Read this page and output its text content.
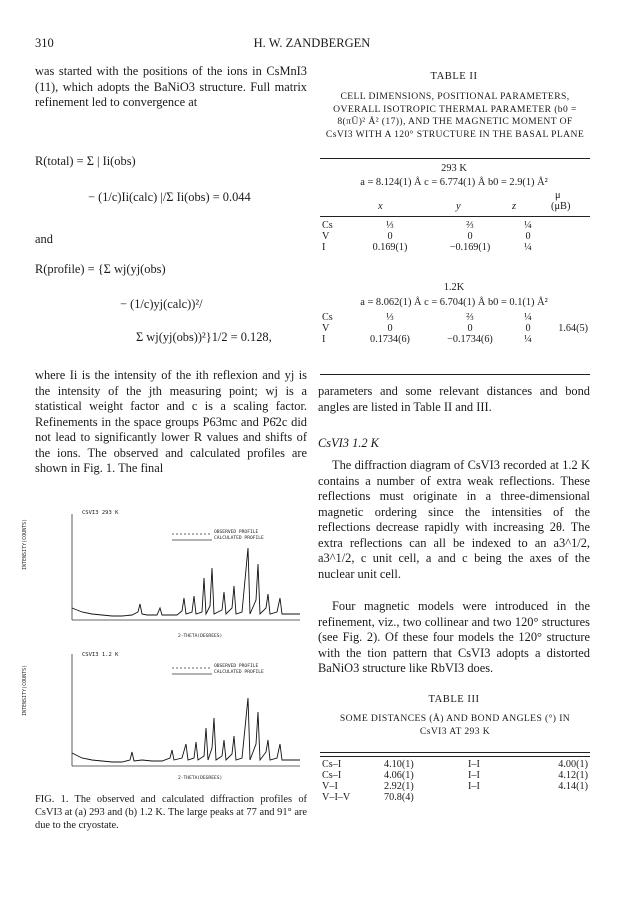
310	H. W. ZANDBERGEN

was started with the positions of the ions in CsMnI3 (11), which adopts the BaNiO3 structure. Full matrix refinement led to convergence at

R(total) = Σ | Ii(obs)
− (1/c)Ii(calc) |/Σ Ii(obs) = 0.044
and
R(profile) = {Σ wj(yj(obs)
− (1/c)yj(calc))²/
Σ wj(yj(obs))²}1/2 = 0.128,

where Ii is the intensity of the ith reflexion and yj is the intensity of the jth measuring point; wj is a statistical weight factor and c is a scaling factor. Refinements in the space groups P63mc and P6̄2c did not lead to significantly lower R values and shifts of the ions. The observed and calculated profiles are shown in Fig. 1. The final

CSVI3 293 K
OBSERVED PROFILE
CALCULATED PROFILE
INTENSITY(COUNTS)
2-THETA(DEGREES)
CSVI3 1.2 K
OBSERVED PROFILE
CALCULATED PROFILE
INTENSITY(COUNTS)
2-THETA(DEGREES)
FIG. 1. The observed and calculated diffraction profiles of CsVI3 at (a) 293 and (b) 1.2 K. The large peaks at 77 and 91° are due to the cryostate.
TABLE II
CELL DIMENSIONS, POSITIONAL PARAMETERS, OVERALL ISOTROPIC THERMAL PARAMETER (b0 = 8(πŪ)² Å² (17)), AND THE MAGNETIC MOMENT OF CsVI3 WITH A 120° STRUCTURE IN THE BASAL PLANE
293 K
a = 8.124(1) Å c = 6.774(1) Å b0 = 2.9(1) Å²
μ
x	y	z	(μB)
Cs	⅓	⅔	¼	
V	0	0	0	
I	0.169(1)	−0.169(1)	¼	
1.2K
a = 8.062(1) Å c = 6.704(1) Å b0 = 0.1(1) Å²
Cs	⅓	⅔	¼	
V	0	0	0	1.64(5)
I	0.1734(6)	−0.1734(6)	¼	

parameters and some relevant distances and bond angles are listed in Table II and III.

CsVI3 1.2 K

The diffraction diagram of CsVI3 recorded at 1.2 K contains a number of extra weak reflections. These reflections must originate in a three-dimensional magnetic ordering since the intensities of the reflections decrease rapidly with increasing 2θ. The extra reflections can all be indexed to an a3^1/2, a3^1/2, c unit cell, a and c being the axes of the nuclear unit cell.

Four magnetic models were introduced in the refinement, viz., two collinear and two 120° structures (see Fig. 2). Of these four models the 120° structure with the tion pattern that CsVI3 adopts a distorted BaNiO3 structure like RbVI3 does.

TABLE III
SOME DISTANCES (Å) AND BOND ANGLES (°) IN CsVI3 AT 293 K
Cs–I	4.10(1)	I–I	4.00(1)
Cs–I	4.06(1)	I–I	4.12(1)
V–I	2.92(1)	I–I	4.14(1)
V–I–V	70.8(4)		
